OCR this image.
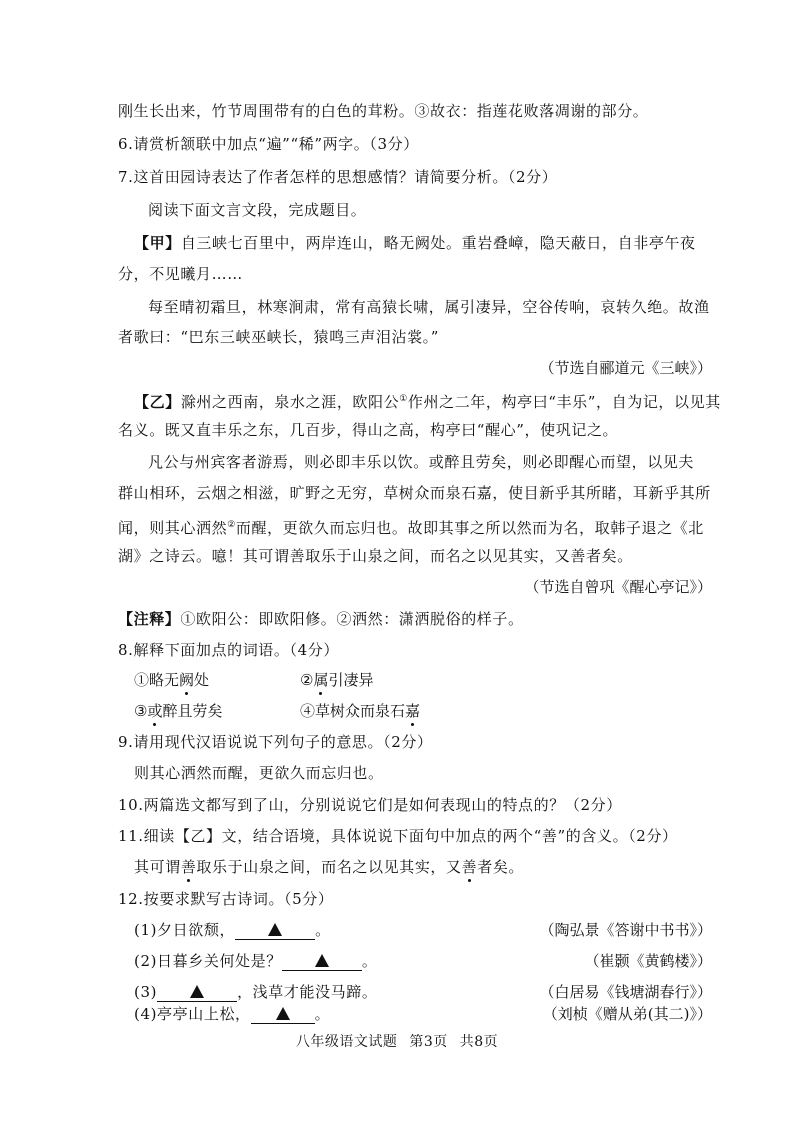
刚生长出来，竹节周围带有的白色的茸粉。③故衣：指莲花败落凋谢的部分。
6.请赏析颔联中加点“遍”“稀”两字。（3分）
7.这首田园诗表达了作者怎样的思想感情？请简要分析。（2分）
阅读下面文言文段，完成题目。
【甲】自三峡七百里中，两岸连山，略无阙处。重岩叠嶂，隐天蔽日，自非亭午夜
分，不见曦月……
每至晴初霜旦，林寒涧肃，常有高猿长啸，属引凄异，空谷传响，哀转久绝。故渔
者歌曰：“巴东三峡巫峡长，猿鸣三声泪沾裳。”
（节选自郦道元《三峡》）
【乙】滁州之西南，泉水之涯，欧阳公①作州之二年，构亭曰“丰乐”，自为记，以见其
名义。既又直丰乐之东，几百步，得山之高，构亭曰“醒心”，使巩记之。
凡公与州宾客者游焉，则必即丰乐以饮。或醉且劳矣，则必即醒心而望，以见夫
群山相环，云烟之相滋，旷野之无穷，草树众而泉石嘉，使目新乎其所睹，耳新乎其所
闻，则其心洒然②而醒，更欲久而忘归也。故即其事之所以然而为名，取韩子退之《北
湖》之诗云。噫！其可谓善取乐于山泉之间，而名之以见其实，又善者矣。
（节选自曾巩《醒心亭记》）
【注释】①欧阳公：即欧阳修。②洒然：潇洒脱俗的样子。
8.解释下面加点的词语。（4分）
①略无阙处	②属引凄异
③或醉且劳矣	④草树众而泉石嘉
9.请用现代汉语说说下列句子的意思。（2分）
则其心洒然而醒，更欲久而忘归也。
10.两篇选文都写到了山，分别说说它们是如何表现山的特点的？（2分）
11.细读【乙】文，结合语境，具体说说下面句中加点的两个“善”的含义。（2分）
其可谓善取乐于山泉之间，而名之以见其实，又善者矣。
12.按要求默写古诗词。（5分）
(1)夕日欲颓，	。	（陶弘景《答谢中书书》）
(2)日暮乡关何处是？	。	（崔颢《黄鹤楼》）
(3)	，浅草才能没马蹄。	（白居易《钱塘湖春行》）
(4)亭亭山上松，	。	（刘桢《赠从弟(其二)》）
八年级语文试题 第3页 共8页
